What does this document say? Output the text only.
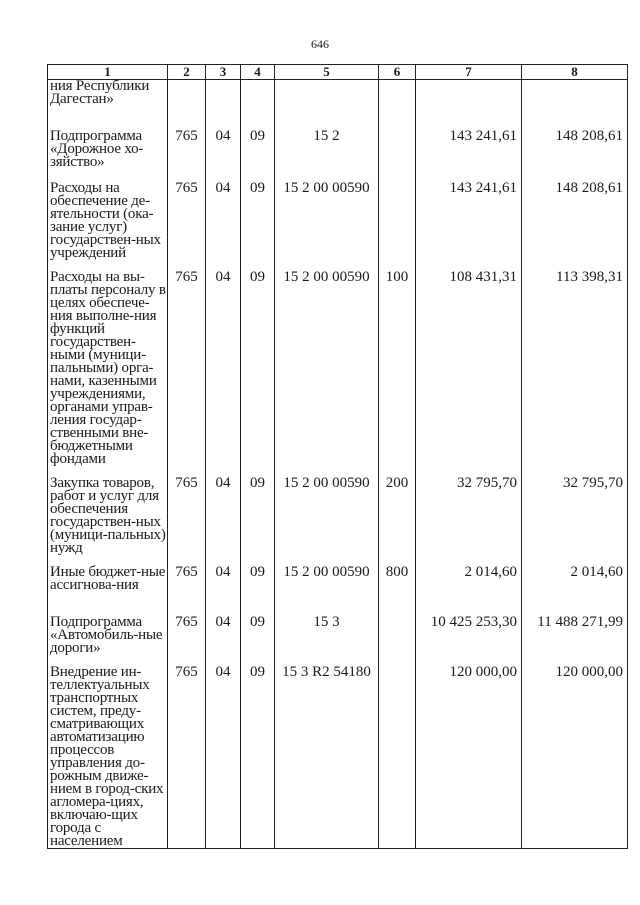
646
1	2	3	4	5	6	7	8
ния Республики Дагестан»							
Подпрограмма «Дорожное хо-зяйство»	765	04	09	15 2		143 241,61	148 208,61
Расходы на обеспечение де-ятельности (ока-зание услуг) государствен-ных учреждений	765	04	09	15 2 00 00590		143 241,61	148 208,61
Расходы на вы-платы персоналу в целях обеспече-ния выполне-ния функций государствен-ными (муници-пальными) орга-нами, казенными учреждениями, органами управ-ления государ-ственными вне-бюджетными фондами	765	04	09	15 2 00 00590	100	108 431,31	113 398,31
Закупка товаров, работ и услуг для обеспечения государствен-ных (муници-пальных) нужд	765	04	09	15 2 00 00590	200	32 795,70	32 795,70
Иные бюджет-ные ассигнова-ния	765	04	09	15 2 00 00590	800	2 014,60	2 014,60
Подпрограмма «Автомобиль-ные дороги»	765	04	09	15 3		10 425 253,30	11 488 271,99
Внедрение ин-теллектуальных транспортных систем, преду-сматривающих автоматизацию процессов управления до-рожным движе-нием в город-ских агломера-циях, включаю-щих города с населением	765	04	09	15 3 R2 54180		120 000,00	120 000,00
